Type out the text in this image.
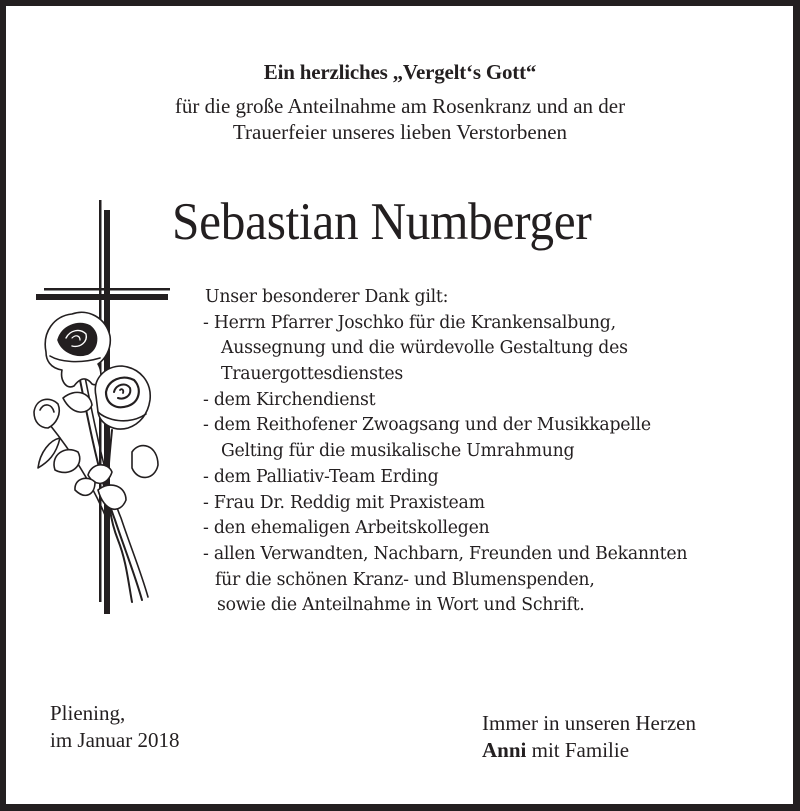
Ein herzliches „Vergelt‘s Gott“
für die große Anteilnahme am Rosenkranz und an der
Trauerfeier unseres lieben Verstorbenen
Sebastian Numberger
Unser besonderer Dank gilt:
- Herrn Pfarrer Joschko für die Krankensalbung,
Aussegnung und die würdevolle Gestaltung des
Trauergottesdienstes
- dem Kirchendienst
- dem Reithofener Zwoagsang und der Musikkapelle
Gelting für die musikalische Umrahmung
- dem Palliativ-Team Erding
- Frau Dr. Reddig mit Praxisteam
- den ehemaligen Arbeitskollegen
- allen Verwandten, Nachbarn, Freunden und Bekannten
für die schönen Kranz- und Blumenspenden,
sowie die Anteilnahme in Wort und Schrift.
Pliening,
im Januar 2018
Immer in unseren Herzen
Anni mit Familie
